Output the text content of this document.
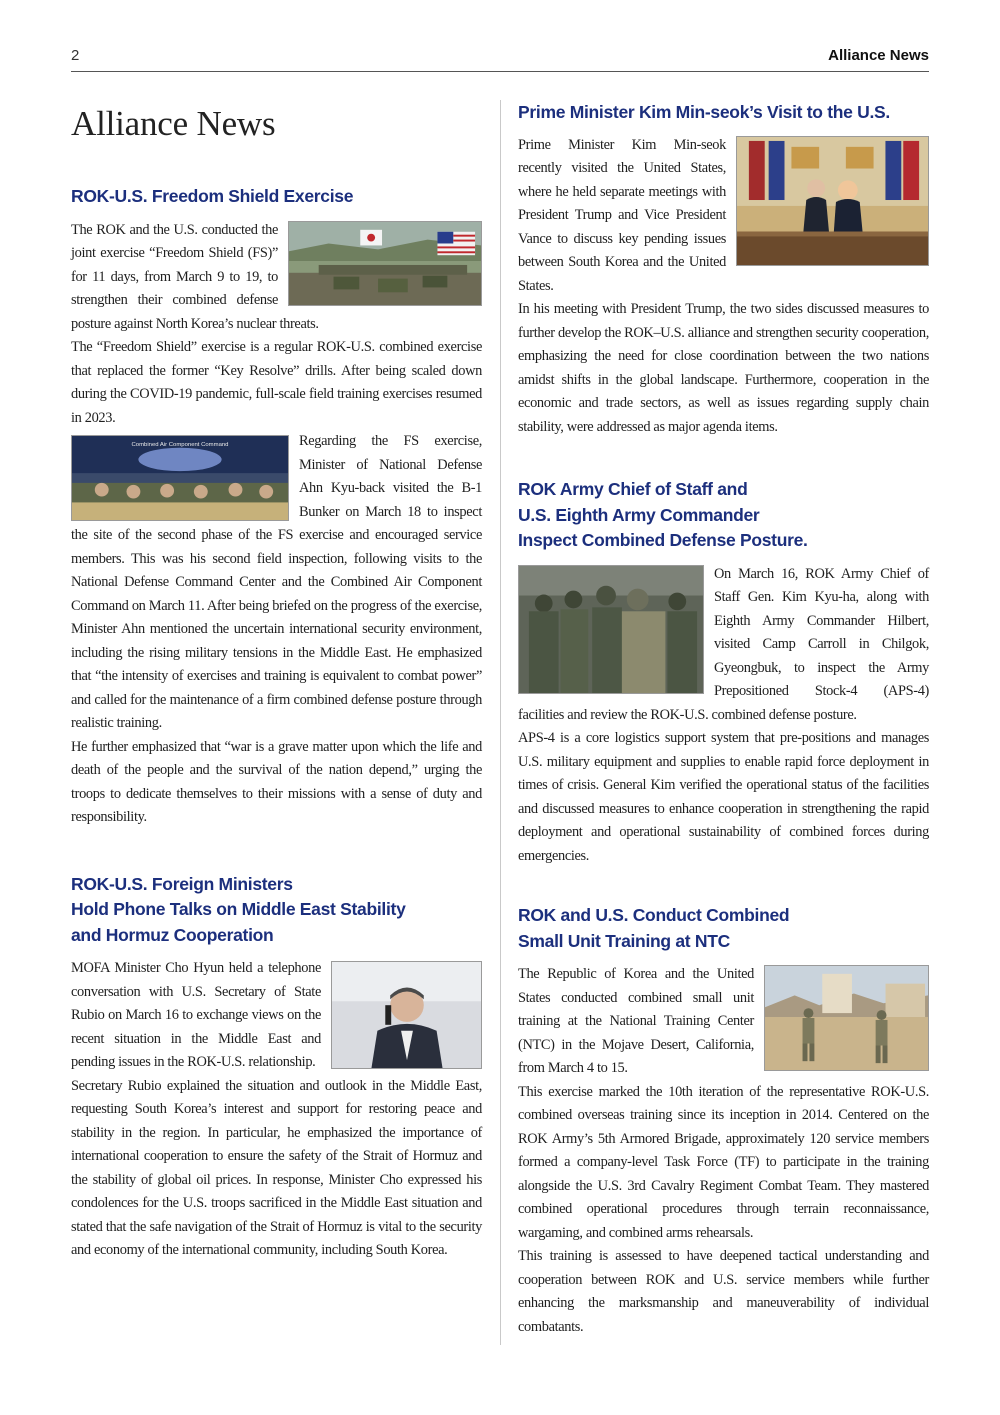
2	Alliance News
Alliance News
ROK-U.S. Freedom Shield Exercise

The ROK and the U.S. conducted the joint exercise “Freedom Shield (FS)” for 11 days, from March 9 to 19, to strengthen their combined defense posture against North Korea’s nuclear threats.

The “Freedom Shield” exercise is a regular ROK-U.S. combined exercise that replaced the former “Key Resolve” drills. After being scaled down during the COVID-19 pandemic, full-scale field training exercises resumed in 2023.

Combined Air Component Command	Regarding the FS exercise, Minister of National Defense Ahn Kyu-back visited the B-1 Bunker on March 18 to inspect the site of the second phase of the FS exercise and encouraged service members. This was his second field inspection, following visits to the National Defense Command Center and the Combined Air Component Command on March 11. After being briefed on the progress of the exercise, Minister Ahn mentioned the uncertain international security environment, including the rising military tensions in the Middle East. He emphasized that “the intensity of exercises and training is equivalent to combat power” and called for the maintenance of a firm combined defense posture through realistic training.

He further emphasized that “war is a grave matter upon which the life and death of the people and the survival of the nation depend,” urging the troops to dedicate themselves to their missions with a sense of duty and responsibility.

ROK-U.S. Foreign Ministers
Hold Phone Talks on Middle East Stability
and Hormuz Cooperation

MOFA Minister Cho Hyun held a telephone conversation with U.S. Secretary of State Rubio on March 16 to exchange views on the recent situation in the Middle East and pending issues in the ROK-U.S. relationship.

Secretary Rubio explained the situation and outlook in the Middle East, requesting South Korea’s interest and support for restoring peace and stability in the region. In particular, he emphasized the importance of international cooperation to ensure the safety of the Strait of Hormuz and the stability of global oil prices. In response, Minister Cho expressed his condolences for the U.S. troops sacrificed in the Middle East situation and stated that the safe navigation of the Strait of Hormuz is vital to the security and economy of the international community, including South Korea.

Prime Minister Kim Min-seok’s Visit to the U.S.

Prime Minister Kim Min-seok recently visited the United States, where he held separate meetings with President Trump and Vice President Vance to discuss key pending issues between South Korea and the United States.

In his meeting with President Trump, the two sides discussed measures to further develop the ROK–U.S. alliance and strengthen security cooperation, emphasizing the need for close coordination between the two nations amidst shifts in the global landscape. Furthermore, cooperation in the economic and trade sectors, as well as issues regarding supply chain stability, were addressed as major agenda items.

ROK Army Chief of Staff and
U.S. Eighth Army Commander
Inspect Combined Defense Posture.

On March 16, ROK Army Chief of Staff Gen. Kim Kyu-ha, along with Eighth Army Commander Hilbert, visited Camp Carroll in Chilgok, Gyeongbuk, to inspect the Army Prepositioned Stock-4 (APS-4) facilities and review the ROK-U.S. combined defense posture.

APS-4 is a core logistics support system that pre-positions and manages U.S. military equipment and supplies to enable rapid force deployment in times of crisis. General Kim verified the operational status of the facilities and discussed measures to enhance cooperation in strengthening the rapid deployment and operational sustainability of combined forces during emergencies.

ROK and U.S. Conduct Combined
Small Unit Training at NTC

The Republic of Korea and the United States conducted combined small unit training at the National Training Center (NTC) in the Mojave Desert, California, from March 4 to 15.

This exercise marked the 10th iteration of the representative ROK-U.S. combined overseas training since its inception in 2014. Centered on the ROK Army’s 5th Armored Brigade, approximately 120 service members formed a company-level Task Force (TF) to participate in the training alongside the U.S. 3rd Cavalry Regiment Combat Team. They mastered combined operational procedures through terrain reconnaissance, wargaming, and combined arms rehearsals.

This training is assessed to have deepened tactical understanding and cooperation between ROK and U.S. service members while further enhancing the marksmanship and maneuverability of individual combatants.
